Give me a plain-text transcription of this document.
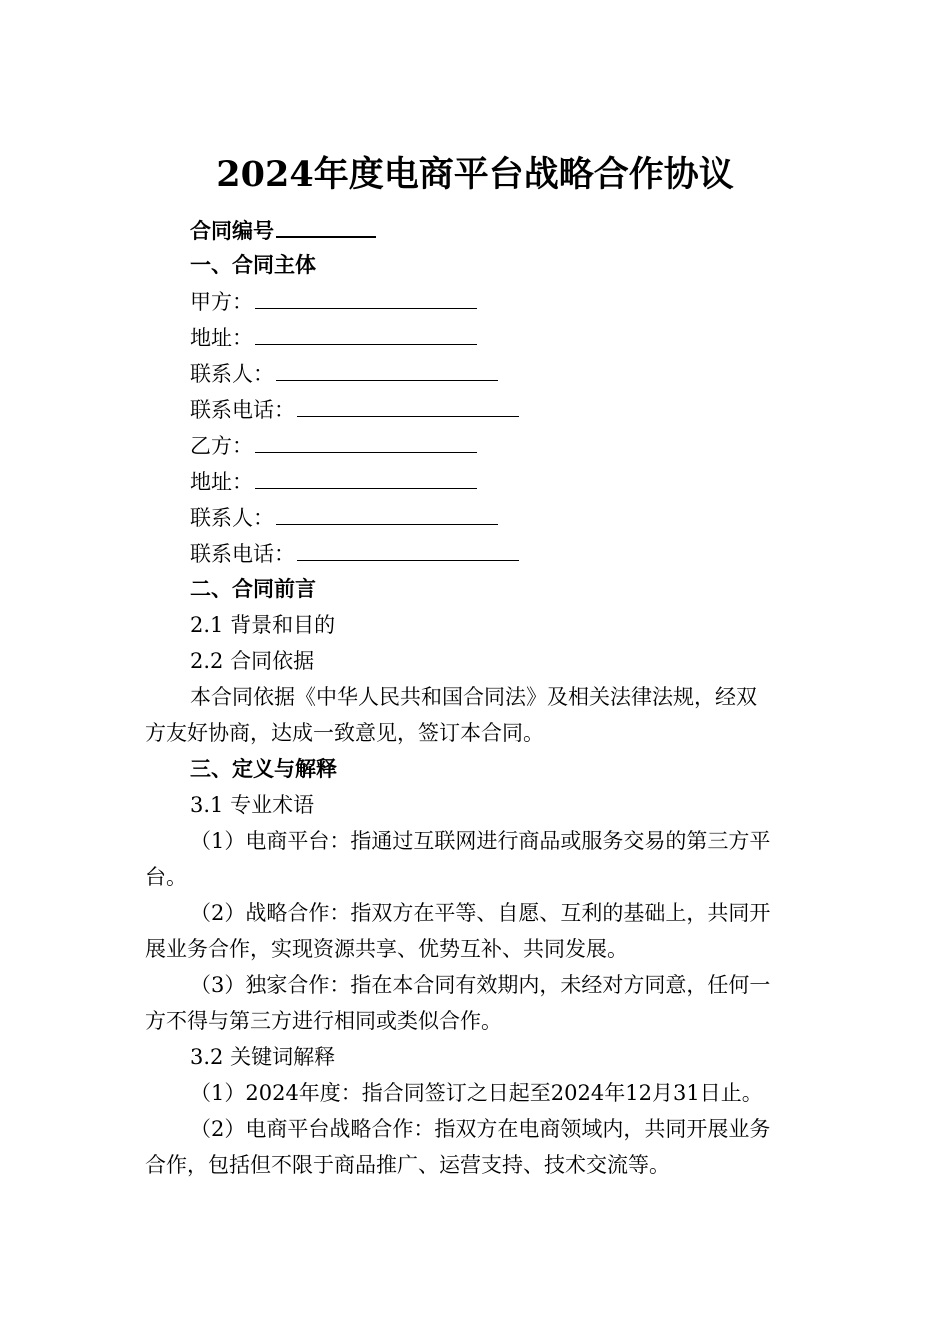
2024年度电商平台战略合作协议
合同编号
一、合同主体
甲方：
地址：
联系人：
联系电话：
乙方：
地址：
联系人：
联系电话：
二、合同前言
2.1 背景和目的
2.2 合同依据
本合同依据《中华人民共和国合同法》及相关法律法规，经双
方友好协商，达成一致意见，签订本合同。
三、定义与解释
3.1 专业术语
（1）电商平台：指通过互联网进行商品或服务交易的第三方平
台。
（2）战略合作：指双方在平等、自愿、互利的基础上，共同开
展业务合作，实现资源共享、优势互补、共同发展。
（3）独家合作：指在本合同有效期内，未经对方同意，任何一
方不得与第三方进行相同或类似合作。
3.2 关键词解释
（1）2024年度：指合同签订之日起至2024年12月31日止。
（2）电商平台战略合作：指双方在电商领域内，共同开展业务
合作，包括但不限于商品推广、运营支持、技术交流等。
